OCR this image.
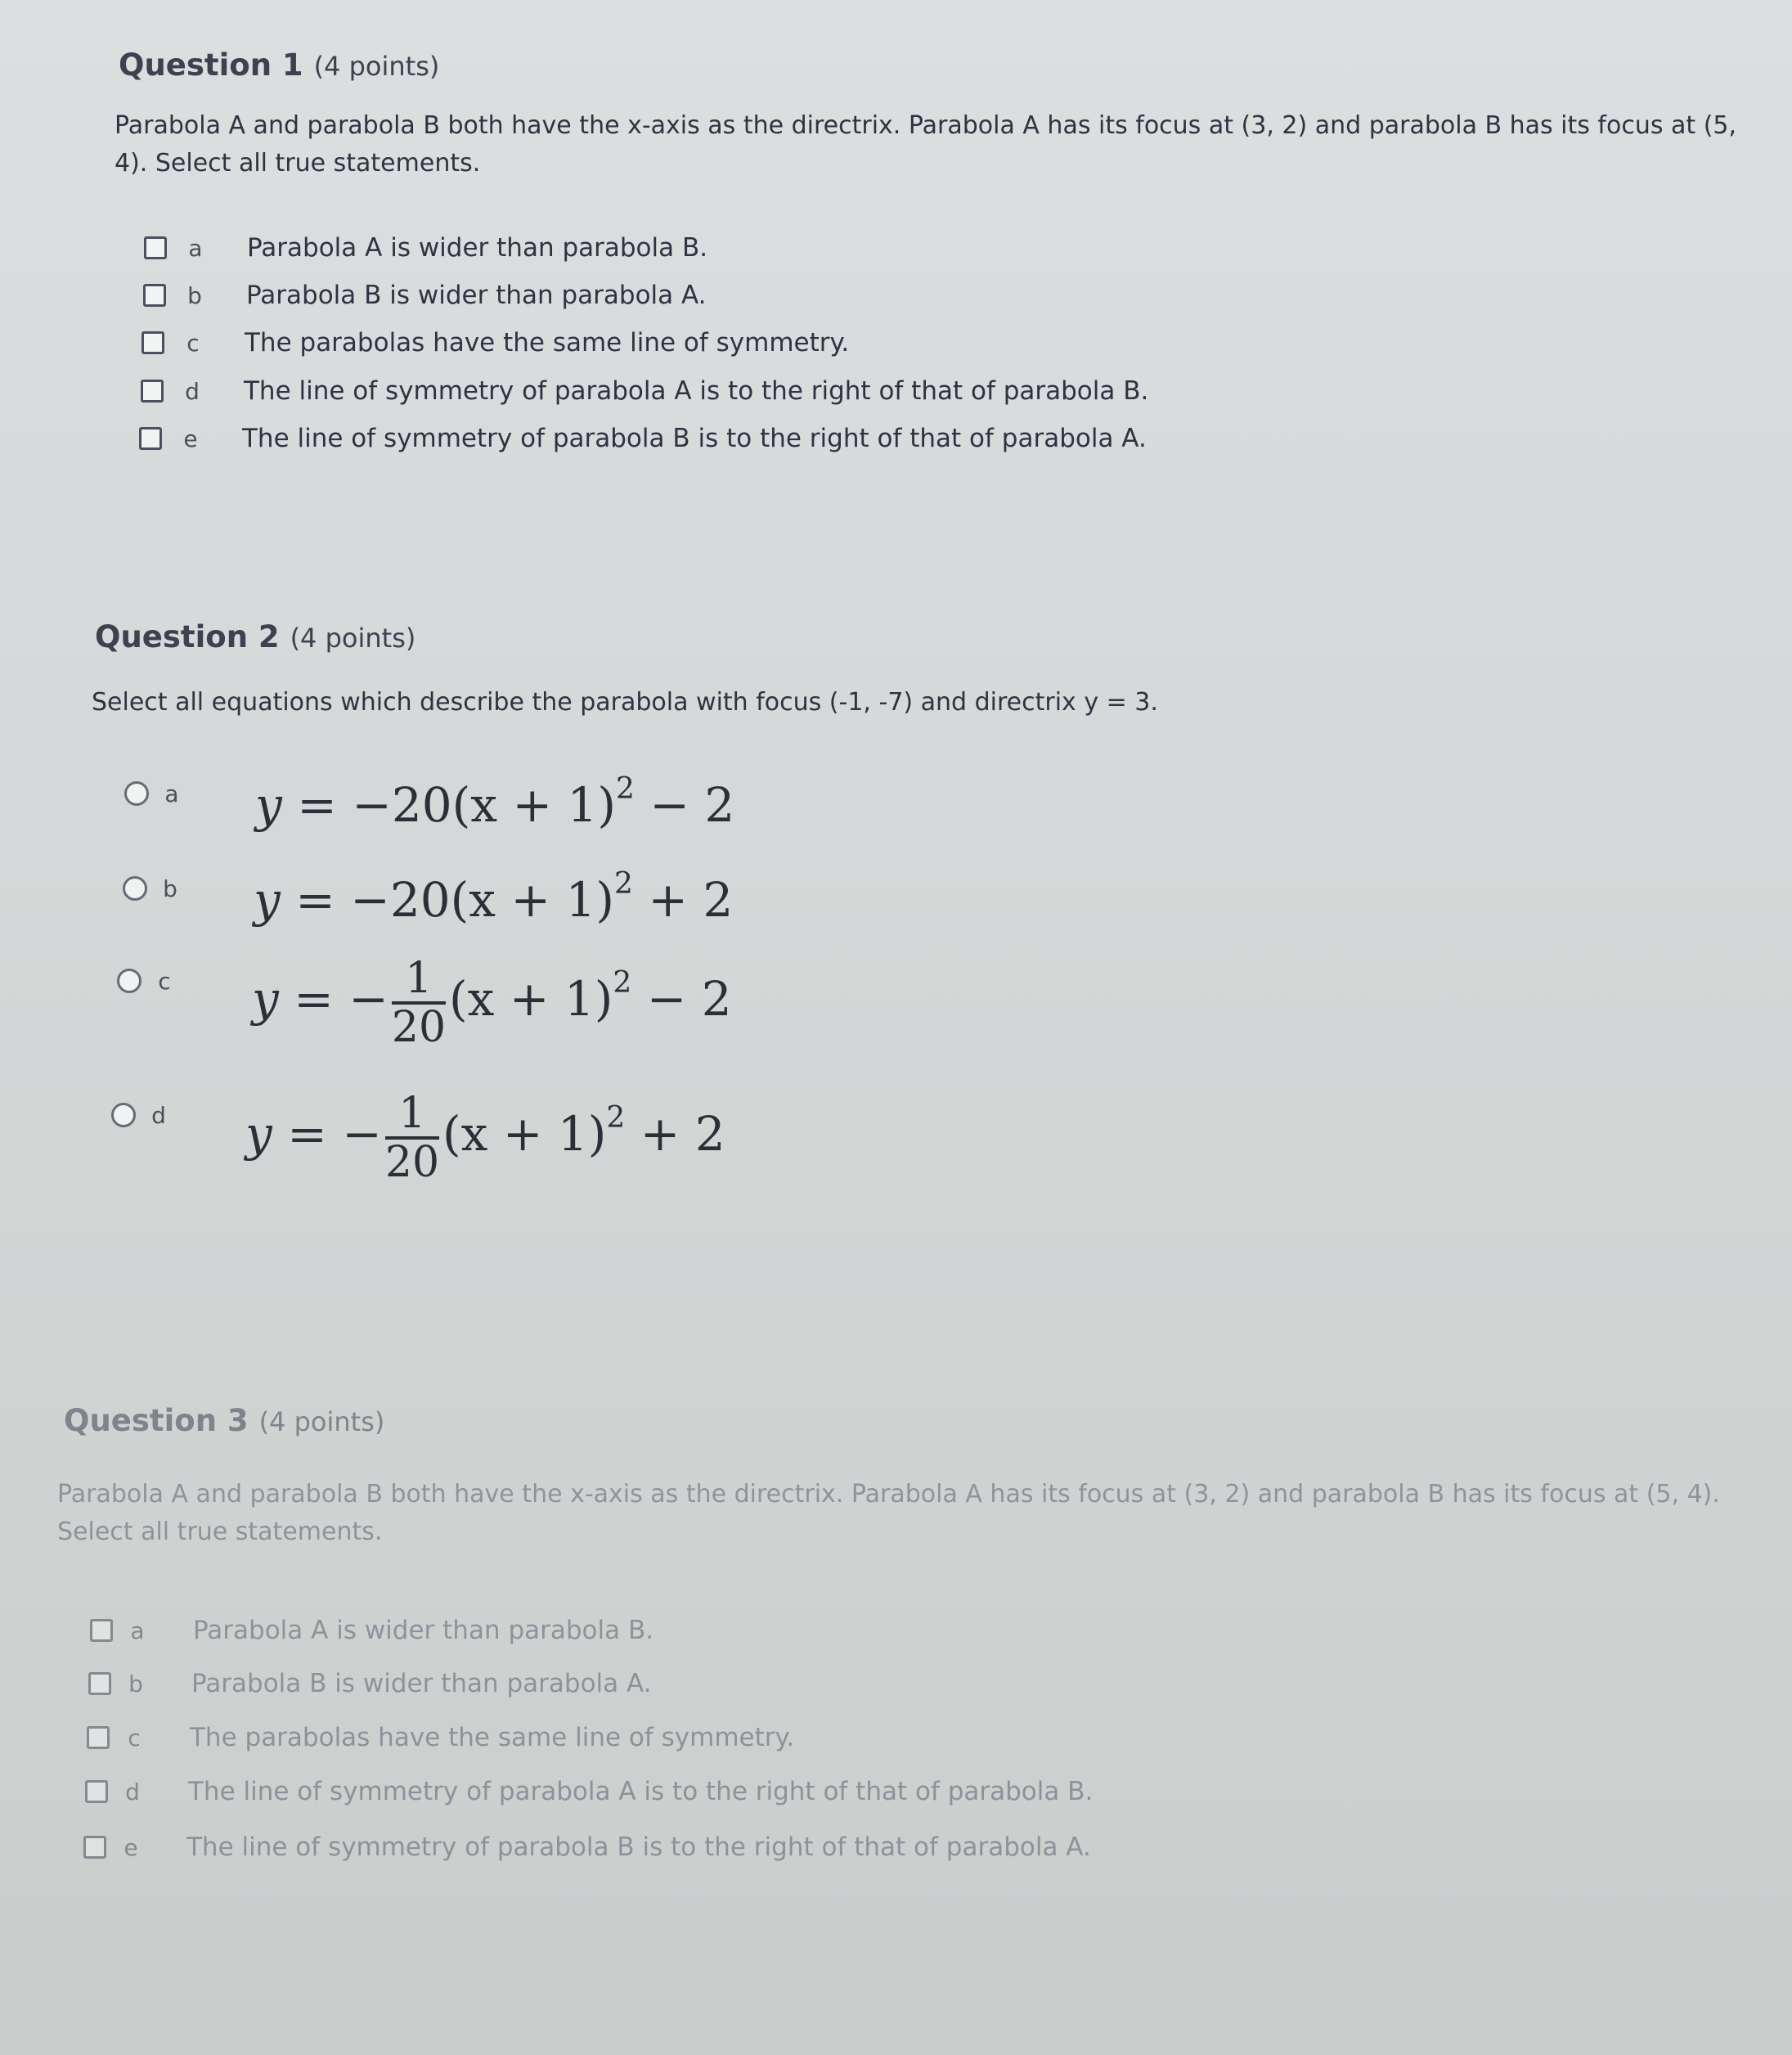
Question 1 (4 points)
Parabola A and parabola B both have the x-axis as the directrix. Parabola A has its focus at (3, 2) and parabola B has its focus at (5, 4). Select all true statements.
a	Parabola A is wider than parabola B.
b	Parabola B is wider than parabola A.
c	The parabolas have the same line of symmetry.
d	The line of symmetry of parabola A is to the right of that of parabola B.
e	The line of symmetry of parabola B is to the right of that of parabola A.
Question 2 (4 points)
Select all equations which describe the parabola with focus (-1, -7) and directrix y = 3.
a	$y = -20(x + 1)^2 - 2$
b	$y = -20(x + 1)^2 + 2$
c	y = − $\frac{1}{20} (x + 1)^2 - 2$
d	y = − $\frac{1}{20} (x + 1)^2 + 2$
Question 3 (4 points)
Parabola A and parabola B both have the x-axis as the directrix. Parabola A has its focus at (3, 2) and parabola B has its focus at (5, 4). Select all true statements.
a	Parabola A is wider than parabola B.
b	Parabola B is wider than parabola A.
c	The parabolas have the same line of symmetry.
d	The line of symmetry of parabola A is to the right of that of parabola B.
e	The line of symmetry of parabola B is to the right of that of parabola A.
